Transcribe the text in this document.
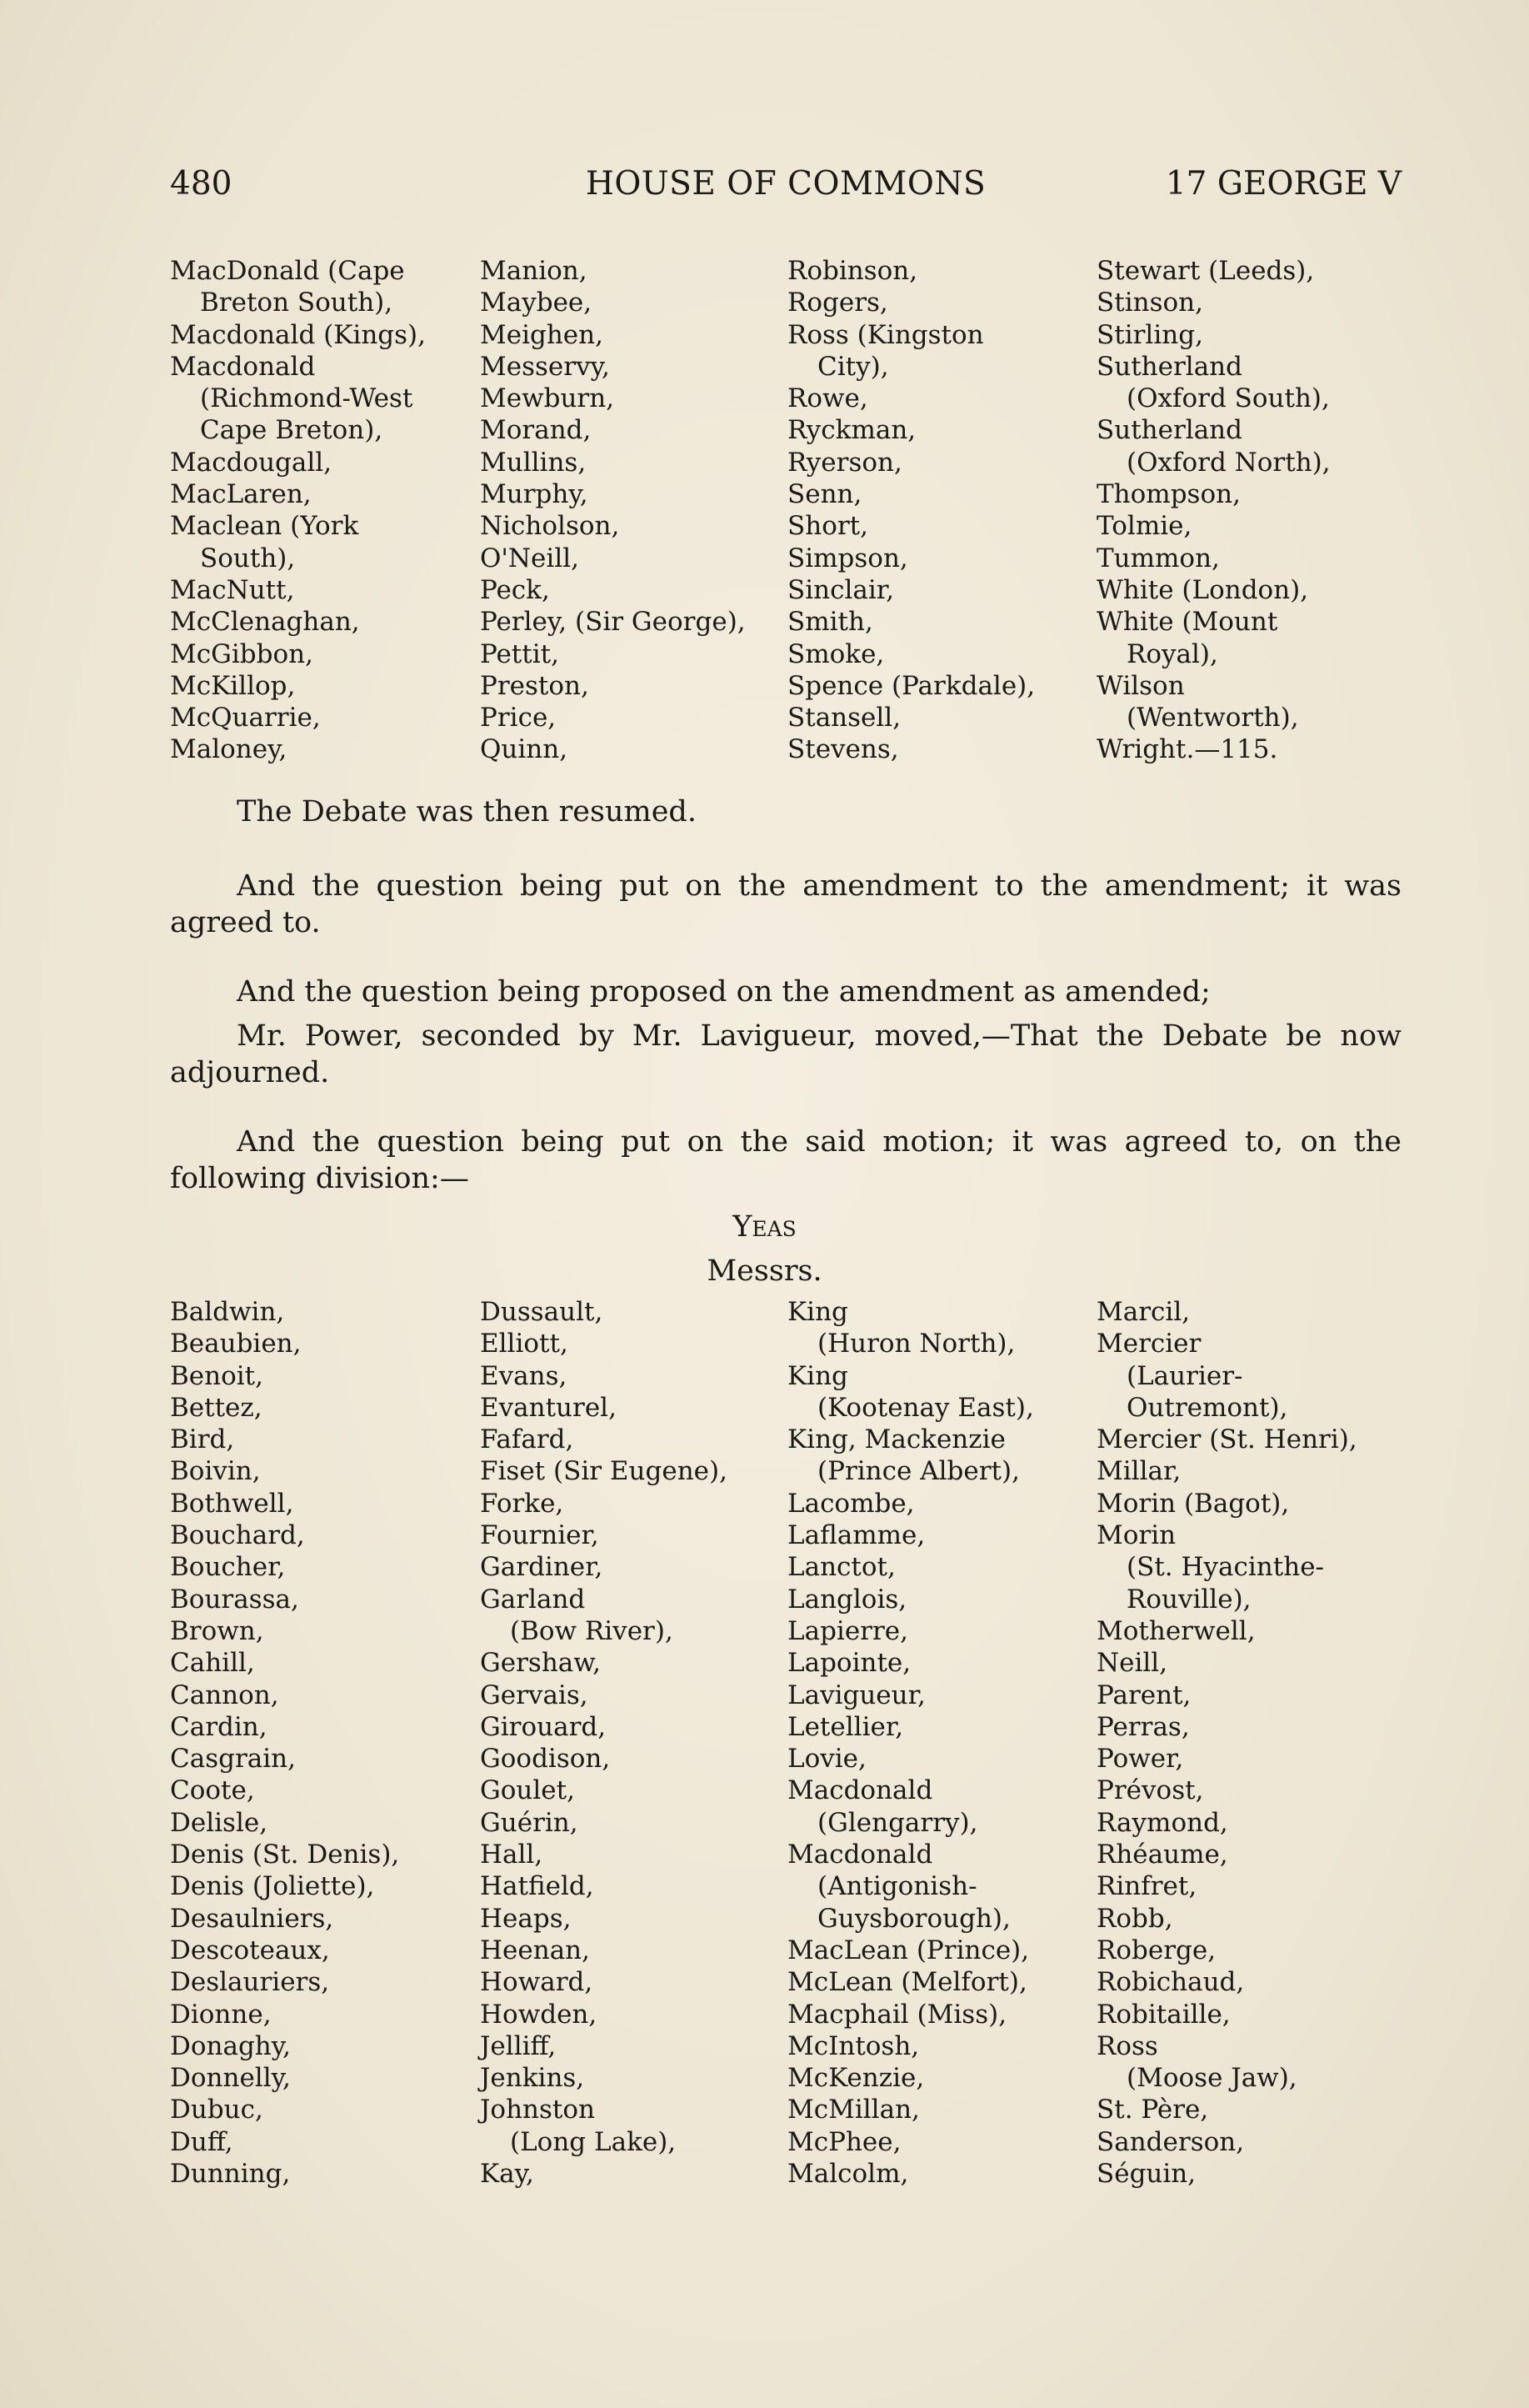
480	HOUSE OF COMMONS	17 GEORGE V
MacDonald (Cape
Breton South),
Macdonald (Kings),
Macdonald
(Richmond-West
Cape Breton),
Macdougall,
MacLaren,
Maclean (York
South),
MacNutt,
McClenaghan,
McGibbon,
McKillop,
McQuarrie,
Maloney,
Manion,
Maybee,
Meighen,
Messervy,
Mewburn,
Morand,
Mullins,
Murphy,
Nicholson,
O'Neill,
Peck,
Perley, (Sir George),
Pettit,
Preston,
Price,
Quinn,
Robinson,
Rogers,
Ross (Kingston
City),
Rowe,
Ryckman,
Ryerson,
Senn,
Short,
Simpson,
Sinclair,
Smith,
Smoke,
Spence (Parkdale),
Stansell,
Stevens,
Stewart (Leeds),
Stinson,
Stirling,
Sutherland
(Oxford South),
Sutherland
(Oxford North),
Thompson,
Tolmie,
Tummon,
White (London),
White (Mount
Royal),
Wilson
(Wentworth),
Wright.—115.
The Debate was then resumed.
And the question being put on the amendment to the amendment; it was agreed to.
And the question being proposed on the amendment as amended;
Mr. Power, seconded by Mr. Lavigueur, moved,—That the Debate be now adjourned.
And the question being put on the said motion; it was agreed to, on the following division:—
Yeas
Messrs.
Baldwin,
Beaubien,
Benoit,
Bettez,
Bird,
Boivin,
Bothwell,
Bouchard,
Boucher,
Bourassa,
Brown,
Cahill,
Cannon,
Cardin,
Casgrain,
Coote,
Delisle,
Denis (St. Denis),
Denis (Joliette),
Desaulniers,
Descoteaux,
Deslauriers,
Dionne,
Donaghy,
Donnelly,
Dubuc,
Duff,
Dunning,
Dussault,
Elliott,
Evans,
Evanturel,
Fafard,
Fiset (Sir Eugene),
Forke,
Fournier,
Gardiner,
Garland
(Bow River),
Gershaw,
Gervais,
Girouard,
Goodison,
Goulet,
Guérin,
Hall,
Hatfield,
Heaps,
Heenan,
Howard,
Howden,
Jelliff,
Jenkins,
Johnston
(Long Lake),
Kay,
King
(Huron North),
King
(Kootenay East),
King, Mackenzie
(Prince Albert),
Lacombe,
Laflamme,
Lanctot,
Langlois,
Lapierre,
Lapointe,
Lavigueur,
Letellier,
Lovie,
Macdonald
(Glengarry),
Macdonald
(Antigonish-
Guysborough),
MacLean (Prince),
McLean (Melfort),
Macphail (Miss),
McIntosh,
McKenzie,
McMillan,
McPhee,
Malcolm,
Marcil,
Mercier
(Laurier-
Outremont),
Mercier (St. Henri),
Millar,
Morin (Bagot),
Morin
(St. Hyacinthe-
Rouville),
Motherwell,
Neill,
Parent,
Perras,
Power,
Prévost,
Raymond,
Rhéaume,
Rinfret,
Robb,
Roberge,
Robichaud,
Robitaille,
Ross
(Moose Jaw),
St. Père,
Sanderson,
Séguin,
